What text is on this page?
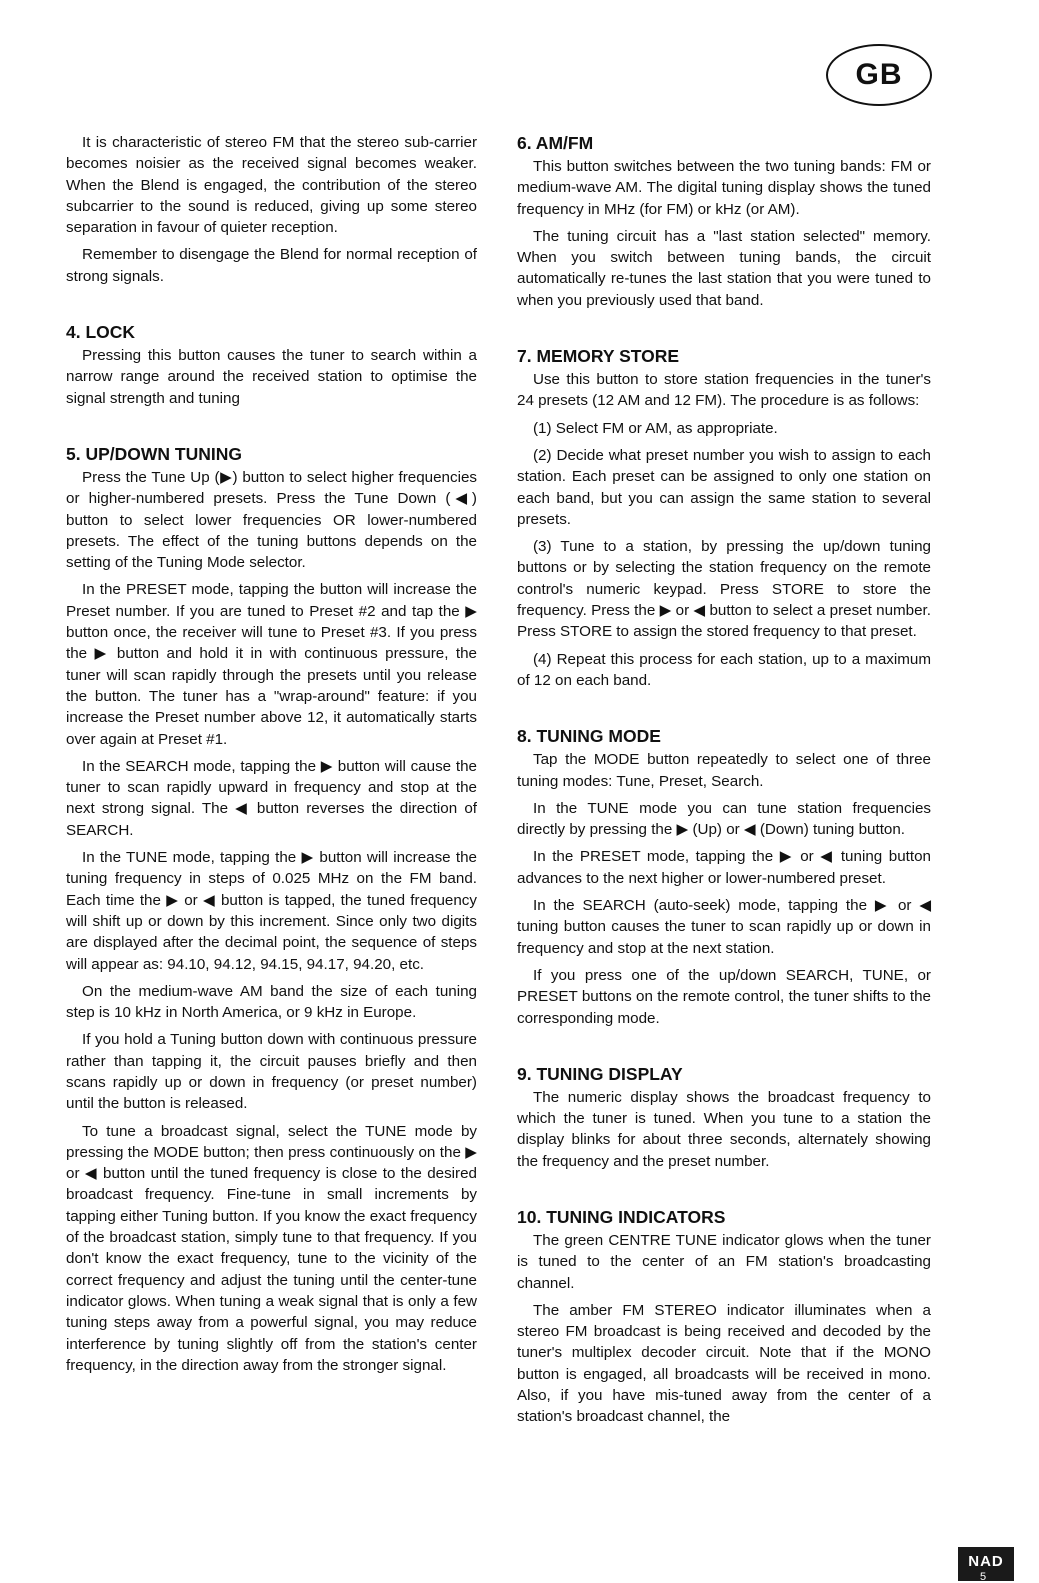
GB

It is characteristic of stereo FM that the stereo sub-carrier becomes noisier as the received signal becomes weaker. When the Blend is engaged, the contribution of the stereo subcarrier to the sound is reduced, giving up some stereo separation in favour of quieter reception.

Remember to disengage the Blend for normal reception of strong signals.

4. LOCK

Pressing this button causes the tuner to search within a narrow range around the received station to optimise the signal strength and tuning

5. UP/DOWN TUNING

Press the Tune Up (▶) button to select higher frequencies or higher-numbered presets. Press the Tune Down (◀) button to select lower frequencies OR lower-numbered presets. The effect of the tuning buttons depends on the setting of the Tuning Mode selector.

In the PRESET mode, tapping the button will increase the Preset number. If you are tuned to Preset #2 and tap the ▶ button once, the receiver will tune to Preset #3. If you press the ▶ button and hold it in with continuous pressure, the tuner will scan rapidly through the presets until you release the button. The tuner has a "wrap-around" feature: if you increase the Preset number above 12, it automatically starts over again at Preset #1.

In the SEARCH mode, tapping the ▶ button will cause the tuner to scan rapidly upward in frequency and stop at the next strong signal. The ◀ button reverses the direction of SEARCH.

In the TUNE mode, tapping the ▶ button will increase the tuning frequency in steps of 0.025 MHz on the FM band. Each time the ▶ or ◀ button is tapped, the tuned frequency will shift up or down by this increment. Since only two digits are displayed after the decimal point, the sequence of steps will appear as: 94.10, 94.12, 94.15, 94.17, 94.20, etc.

On the medium-wave AM band the size of each tuning step is 10 kHz in North America, or 9 kHz in Europe.

If you hold a Tuning button down with continuous pressure rather than tapping it, the circuit pauses briefly and then scans rapidly up or down in frequency (or preset number) until the button is released.

To tune a broadcast signal, select the TUNE mode by pressing the MODE button; then press continuously on the ▶ or ◀ button until the tuned frequency is close to the desired broadcast frequency. Fine-tune in small increments by tapping either Tuning button. If you know the exact frequency of the broadcast station, simply tune to that frequency. If you don't know the exact frequency, tune to the vicinity of the correct frequency and adjust the tuning until the center-tune indicator glows. When tuning a weak signal that is only a few tuning steps away from a powerful signal, you may reduce interference by tuning slightly off from the station's center frequency, in the direction away from the stronger signal.

6. AM/FM

This button switches between the two tuning bands: FM or medium-wave AM. The digital tuning display shows the tuned frequency in MHz (for FM) or kHz (or AM).

The tuning circuit has a "last station selected" memory. When you switch between tuning bands, the circuit automatically re-tunes the last station that you were tuned to when you previously used that band.

7. MEMORY STORE

Use this button to store station frequencies in the tuner's 24 presets (12 AM and 12 FM). The procedure is as follows:

(1) Select FM or AM, as appropriate.

(2) Decide what preset number you wish to assign to each station. Each preset can be assigned to only one station on each band, but you can assign the same station to several presets.

(3) Tune to a station, by pressing the up/down tuning buttons or by selecting the station frequency on the remote control's numeric keypad. Press STORE to store the frequency. Press the ▶ or ◀ button to select a preset number. Press STORE to assign the stored frequency to that preset.

(4) Repeat this process for each station, up to a maximum of 12 on each band.

8. TUNING MODE

Tap the MODE button repeatedly to select one of three tuning modes: Tune, Preset, Search.

In the TUNE mode you can tune station frequencies directly by pressing the ▶ (Up) or ◀ (Down) tuning button.

In the PRESET mode, tapping the ▶ or ◀ tuning button advances to the next higher or lower-numbered preset.

In the SEARCH (auto-seek) mode, tapping the ▶ or ◀ tuning button causes the tuner to scan rapidly up or down in frequency and stop at the next station.

If you press one of the up/down SEARCH, TUNE, or PRESET buttons on the remote control, the tuner shifts to the corresponding mode.

9. TUNING DISPLAY

The numeric display shows the broadcast frequency to which the tuner is tuned. When you tune to a station the display blinks for about three seconds, alternately showing the frequency and the preset number.

10. TUNING INDICATORS

The green CENTRE TUNE indicator glows when the tuner is tuned to the center of an FM station's broadcasting channel.

The amber FM STEREO indicator illuminates when a stereo FM broadcast is being received and decoded by the tuner's multiplex decoder circuit. Note that if the MONO button is engaged, all broadcasts will be received in mono. Also, if you have mis-tuned away from the center of a station's broadcast channel, the

NAD
5
